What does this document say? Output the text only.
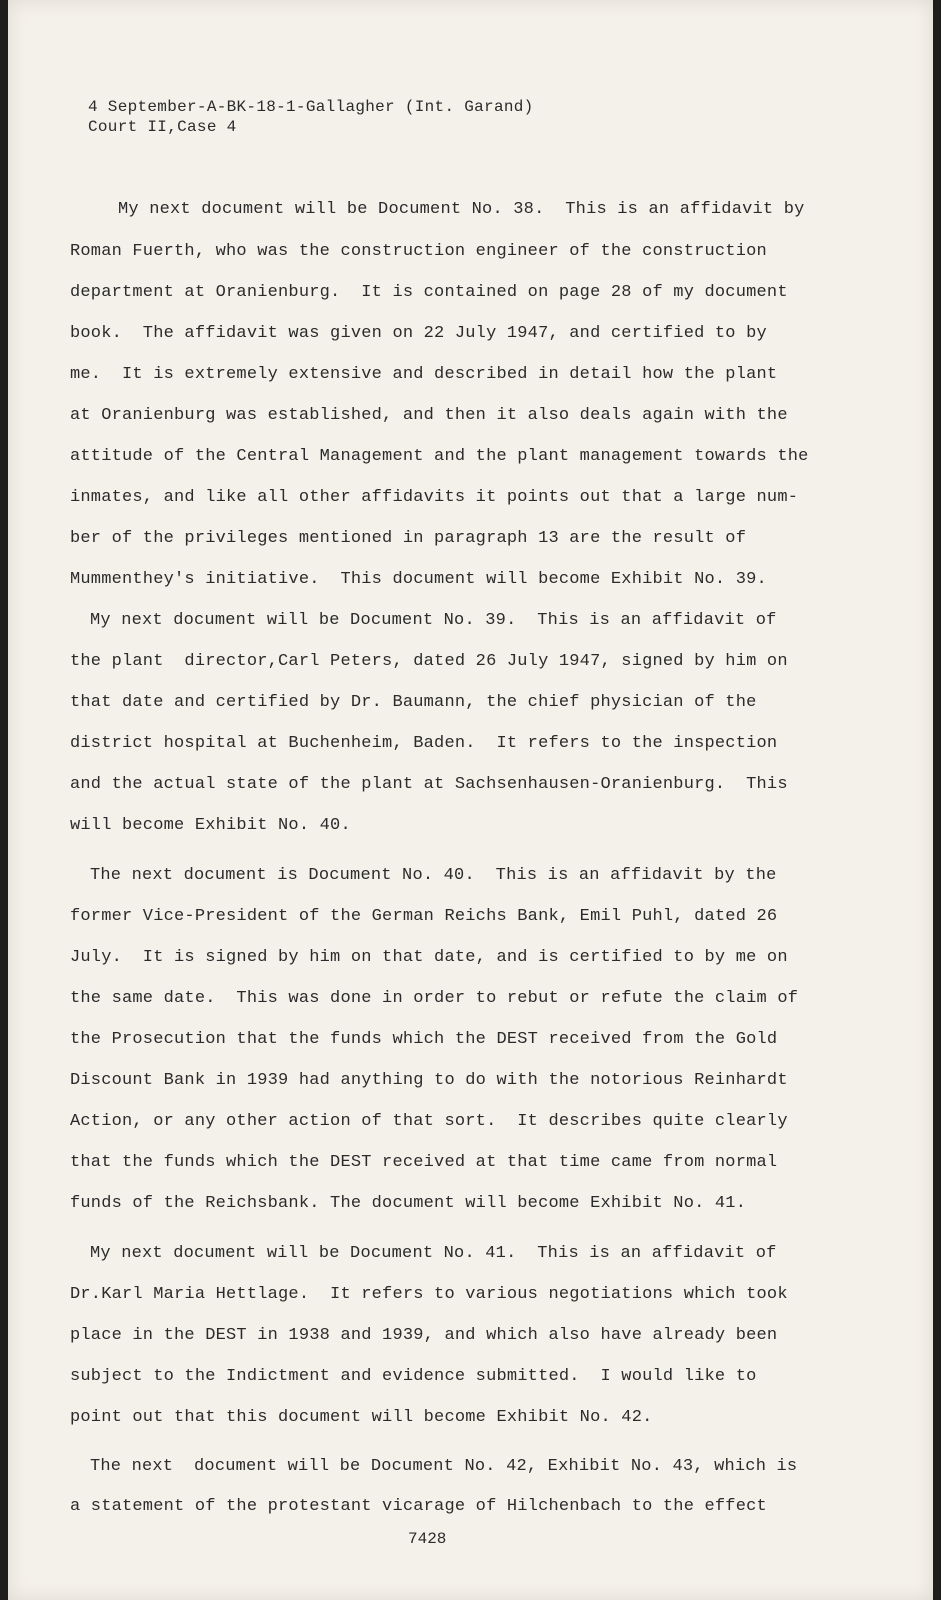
4 September-A-BK-18-1-Gallagher (Int. Garand)
Court II,Case 4
My next document will be Document No. 38.  This is an affidavit by
Roman Fuerth, who was the construction engineer of the construction
department at Oranienburg.  It is contained on page 28 of my document
book.  The affidavit was given on 22 July 1947, and certified to by
me.  It is extremely extensive and described in detail how the plant
at Oranienburg was established, and then it also deals again with the
attitude of the Central Management and the plant management towards the
inmates, and like all other affidavits it points out that a large num-
ber of the privileges mentioned in paragraph 13 are the result of
Mummenthey's initiative.  This document will become Exhibit No. 39.
My next document will be Document No. 39.  This is an affidavit of
the plant  director,Carl Peters, dated 26 July 1947, signed by him on
that date and certified by Dr. Baumann, the chief physician of the
district hospital at Buchenheim, Baden.  It refers to the inspection
and the actual state of the plant at Sachsenhausen-Oranienburg.  This
will become Exhibit No. 40.
The next document is Document No. 40.  This is an affidavit by the
former Vice-President of the German Reichs Bank, Emil Puhl, dated 26
July.  It is signed by him on that date, and is certified to by me on
the same date.  This was done in order to rebut or refute the claim of
the Prosecution that the funds which the DEST received from the Gold
Discount Bank in 1939 had anything to do with the notorious Reinhardt
Action, or any other action of that sort.  It describes quite clearly
that the funds which the DEST received at that time came from normal
funds of the Reichsbank. The document will become Exhibit No. 41.
My next document will be Document No. 41.  This is an affidavit of
Dr.Karl Maria Hettlage.  It refers to various negotiations which took
place in the DEST in 1938 and 1939, and which also have already been
subject to the Indictment and evidence submitted.  I would like to
point out that this document will become Exhibit No. 42.
The next  document will be Document No. 42, Exhibit No. 43, which is
a statement of the protestant vicarage of Hilchenbach to the effect
7428
